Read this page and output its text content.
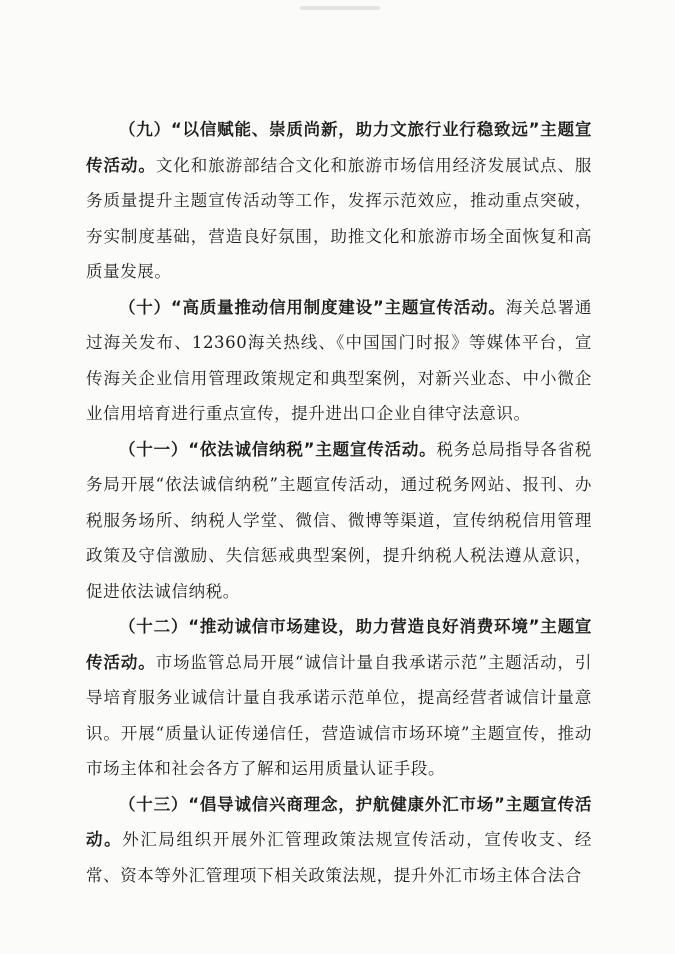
（九）“以信赋能、崇质尚新，助力文旅行业行稳致远”主题宣传活动。文化和旅游部结合文化和旅游市场信用经济发展试点、服务质量提升主题宣传活动等工作，发挥示范效应，推动重点突破，夯实制度基础，营造良好氛围，助推文化和旅游市场全面恢复和高质量发展。

（十）“高质量推动信用制度建设”主题宣传活动。海关总署通过海关发布、12360海关热线、《中国国门时报》等媒体平台，宣传海关企业信用管理政策规定和典型案例，对新兴业态、中小微企业信用培育进行重点宣传，提升进出口企业自律守法意识。

（十一）“依法诚信纳税”主题宣传活动。税务总局指导各省税务局开展“依法诚信纳税”主题宣传活动，通过税务网站、报刊、办税服务场所、纳税人学堂、微信、微博等渠道，宣传纳税信用管理政策及守信激励、失信惩戒典型案例，提升纳税人税法遵从意识，促进依法诚信纳税。

（十二）“推动诚信市场建设，助力营造良好消费环境”主题宣传活动。市场监管总局开展“诚信计量自我承诺示范”主题活动，引导培育服务业诚信计量自我承诺示范单位，提高经营者诚信计量意识。开展“质量认证传递信任，营造诚信市场环境”主题宣传，推动市场主体和社会各方了解和运用质量认证手段。

（十三）“倡导诚信兴商理念，护航健康外汇市场”主题宣传活动。外汇局组织开展外汇管理政策法规宣传活动，宣传收支、经常、资本等外汇管理项下相关政策法规，提升外汇市场主体合法合
